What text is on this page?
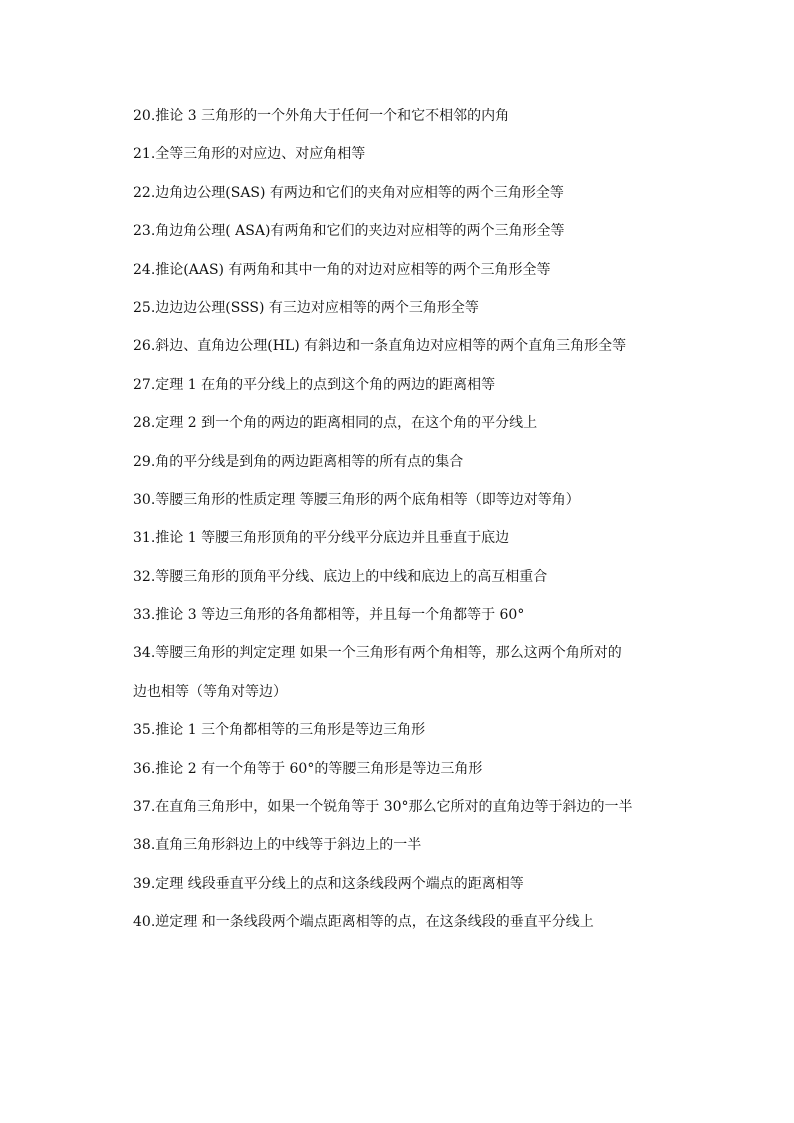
20.推论 3 三角形的一个外角大于任何一个和它不相邻的内角
21.全等三角形的对应边、对应角相等
22.边角边公理(SAS) 有两边和它们的夹角对应相等的两个三角形全等
23.角边角公理( ASA)有两角和它们的夹边对应相等的两个三角形全等
24.推论(AAS) 有两角和其中一角的对边对应相等的两个三角形全等
25.边边边公理(SSS) 有三边对应相等的两个三角形全等
26.斜边、直角边公理(HL) 有斜边和一条直角边对应相等的两个直角三角形全等
27.定理 1 在角的平分线上的点到这个角的两边的距离相等
28.定理 2 到一个角的两边的距离相同的点，在这个角的平分线上
29.角的平分线是到角的两边距离相等的所有点的集合
30.等腰三角形的性质定理 等腰三角形的两个底角相等（即等边对等角）
31.推论 1 等腰三角形顶角的平分线平分底边并且垂直于底边
32.等腰三角形的顶角平分线、底边上的中线和底边上的高互相重合
33.推论 3 等边三角形的各角都相等，并且每一个角都等于 60°
34.等腰三角形的判定定理 如果一个三角形有两个角相等，那么这两个角所对的
边也相等（等角对等边）
35.推论 1 三个角都相等的三角形是等边三角形
36.推论 2 有一个角等于 60°的等腰三角形是等边三角形
37.在直角三角形中，如果一个锐角等于 30°那么它所对的直角边等于斜边的一半
38.直角三角形斜边上的中线等于斜边上的一半
39.定理 线段垂直平分线上的点和这条线段两个端点的距离相等
40.逆定理 和一条线段两个端点距离相等的点，在这条线段的垂直平分线上
